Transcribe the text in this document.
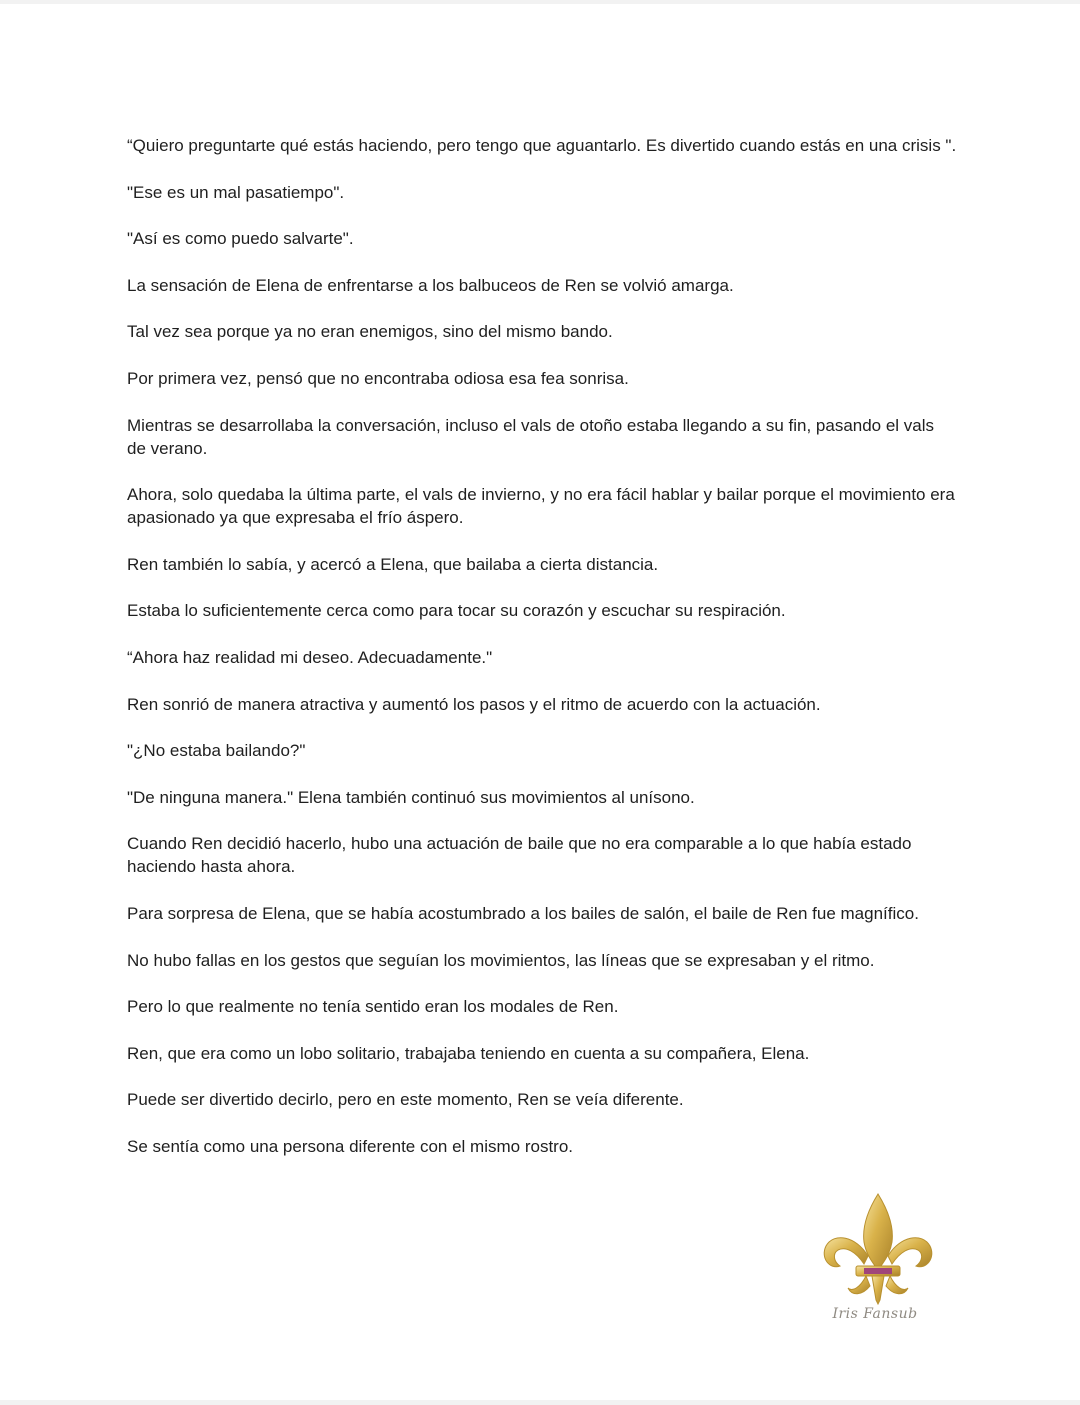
“Quiero preguntarte qué estás haciendo, pero tengo que aguantarlo. Es divertido cuando estás en una crisis ".

"Ese es un mal pasatiempo".

"Así es como puedo salvarte".

La sensación de Elena de enfrentarse a los balbuceos de Ren se volvió amarga.

Tal vez sea porque ya no eran enemigos, sino del mismo bando.

Por primera vez, pensó que no encontraba odiosa esa fea sonrisa.

Mientras se desarrollaba la conversación, incluso el vals de otoño estaba llegando a su fin, pasando el vals de verano.

Ahora, solo quedaba la última parte, el vals de invierno, y no era fácil hablar y bailar porque el movimiento era apasionado ya que expresaba el frío áspero.

Ren también lo sabía, y acercó a Elena, que bailaba a cierta distancia.

Estaba lo suficientemente cerca como para tocar su corazón y escuchar su respiración.

“Ahora haz realidad mi deseo. Adecuadamente."

Ren sonrió de manera atractiva y aumentó los pasos y el ritmo de acuerdo con la actuación.

"¿No estaba bailando?"

"De ninguna manera." Elena también continuó sus movimientos al unísono.

Cuando Ren decidió hacerlo, hubo una actuación de baile que no era comparable a lo que había estado haciendo hasta ahora.

Para sorpresa de Elena, que se había acostumbrado a los bailes de salón, el baile de Ren fue magnífico.

No hubo fallas en los gestos que seguían los movimientos, las líneas que se expresaban y el ritmo.

Pero lo que realmente no tenía sentido eran los modales de Ren.

Ren, que era como un lobo solitario, trabajaba teniendo en cuenta a su compañera, Elena.

Puede ser divertido decirlo, pero en este momento, Ren se veía diferente.

Se sentía como una persona diferente con el mismo rostro.

Iris Fansub
